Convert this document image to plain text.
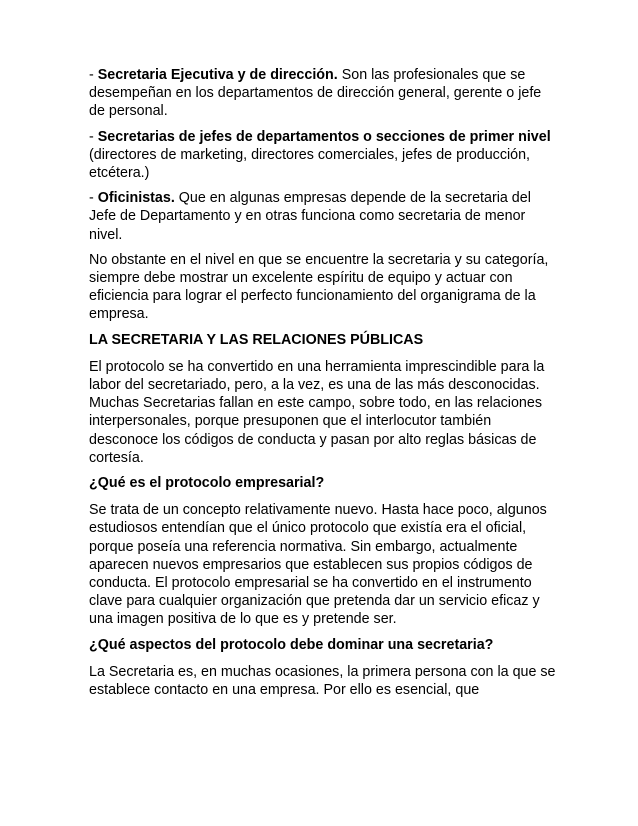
- Secretaria Ejecutiva y de dirección. Son las profesionales que se desempeñan en los departamentos de dirección general, gerente o jefe de personal.

- Secretarias de jefes de departamentos o secciones de primer nivel (directores de marketing, directores comerciales, jefes de producción, etcétera.)

- Oficinistas. Que en algunas empresas depende de la secretaria del Jefe de Departamento y en otras funciona como secretaria de menor nivel.

No obstante en el nivel en que se encuentre la secretaria y su categoría, siempre debe mostrar un excelente espíritu de equipo y actuar con eficiencia para lograr el perfecto funcionamiento del organigrama de la empresa.

LA SECRETARIA Y LAS RELACIONES PÚBLICAS

El protocolo se ha convertido en una herramienta imprescindible para la labor del secretariado, pero, a la vez, es una de las más desconocidas. Muchas Secretarias fallan en este campo, sobre todo, en las relaciones interpersonales, porque presuponen que el interlocutor también desconoce los códigos de conducta y pasan por alto reglas básicas de cortesía.

¿Qué es el protocolo empresarial?

Se trata de un concepto relativamente nuevo. Hasta hace poco, algunos estudiosos entendían que el único protocolo que existía era el oficial, porque poseía una referencia normativa. Sin embargo, actualmente aparecen nuevos empresarios que establecen sus propios códigos de conducta. El protocolo empresarial se ha convertido en el instrumento clave para cualquier organización que pretenda dar un servicio eficaz y una imagen positiva de lo que es y pretende ser.

¿Qué aspectos del protocolo debe dominar una secretaria?

La Secretaria es, en muchas ocasiones, la primera persona con la que se establece contacto en una empresa. Por ello es esencial, que
